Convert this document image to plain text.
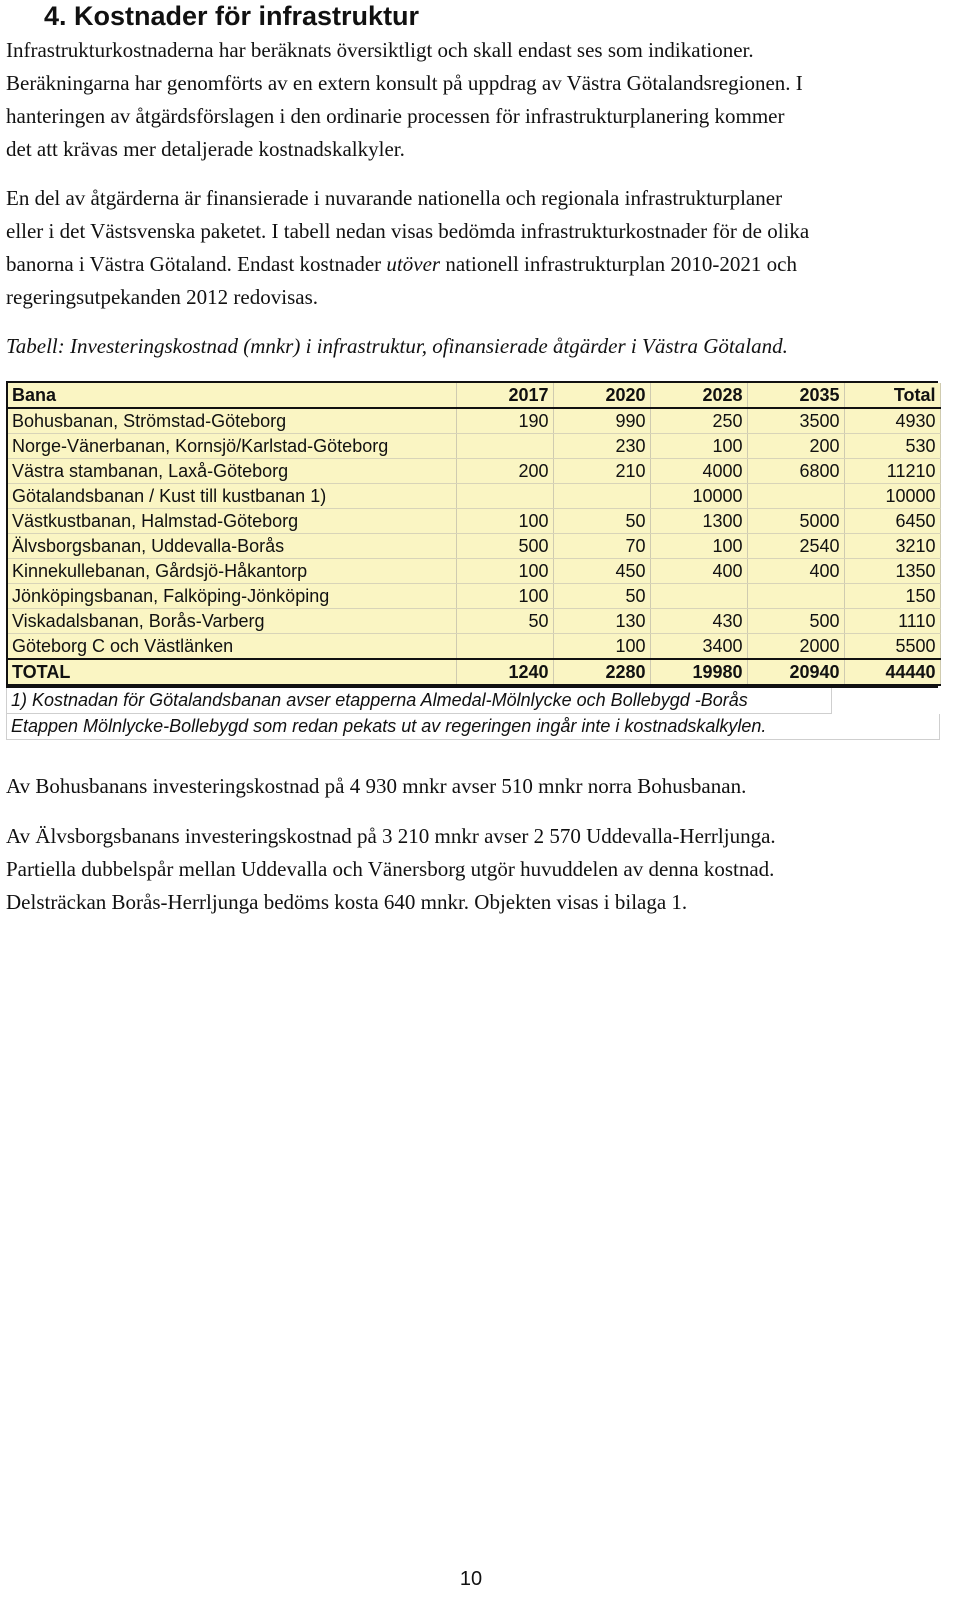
4. Kostnader för infrastruktur

Infrastrukturkostnaderna har beräknats översiktligt och skall endast ses som indikationer.
Beräkningarna har genomförts av en extern konsult på uppdrag av Västra Götalandsregionen. I
hanteringen av åtgärdsförslagen i den ordinarie processen för infrastrukturplanering kommer
det att krävas mer detaljerade kostnadskalkyler.

En del av åtgärderna är finansierade i nuvarande nationella och regionala infrastrukturplaner
eller i det Västsvenska paketet. I tabell nedan visas bedömda infrastrukturkostnader för de olika
banorna i Västra Götaland. Endast kostnader utöver nationell infrastrukturplan 2010-2021 och
regeringsutpekanden 2012 redovisas.

Tabell: Investeringskostnad (mnkr) i infrastruktur, ofinansierade åtgärder i Västra Götaland.

Bana	2017	2020	2028	2035	Total
Bohusbanan, Strömstad-Göteborg	190	990	250	3500	4930
Norge-Vänerbanan, Kornsjö/Karlstad-Göteborg		230	100	200	530
Västra stambanan, Laxå-Göteborg	200	210	4000	6800	11210
Götalandsbanan / Kust till kustbanan 1)			10000		10000
Västkustbanan, Halmstad-Göteborg	100	50	1300	5000	6450
Älvsborgsbanan, Uddevalla-Borås	500	70	100	2540	3210
Kinnekullebanan, Gårdsjö-Håkantorp	100	450	400	400	1350
Jönköpingsbanan, Falköping-Jönköping	100	50			150
Viskadalsbanan, Borås-Varberg	50	130	430	500	1110
Göteborg C och Västlänken		100	3400	2000	5500
TOTAL	1240	2280	19980	20940	44440
1) Kostnadan för Götalandsbanan avser etapperna Almedal-Mölnlycke och Bollebygd -Borås
Etappen Mölnlycke-Bollebygd som redan pekats ut av regeringen ingår inte i kostnadskalkylen.

Av Bohusbanans investeringskostnad på 4 930 mnkr avser 510 mnkr norra Bohusbanan.

Av Älvsborgsbanans investeringskostnad på 3 210 mnkr avser 2 570 Uddevalla-Herrljunga.
Partiella dubbelspår mellan Uddevalla och Vänersborg utgör huvuddelen av denna kostnad.
Delsträckan Borås-Herrljunga bedöms kosta 640 mnkr. Objekten visas i bilaga 1.

10
